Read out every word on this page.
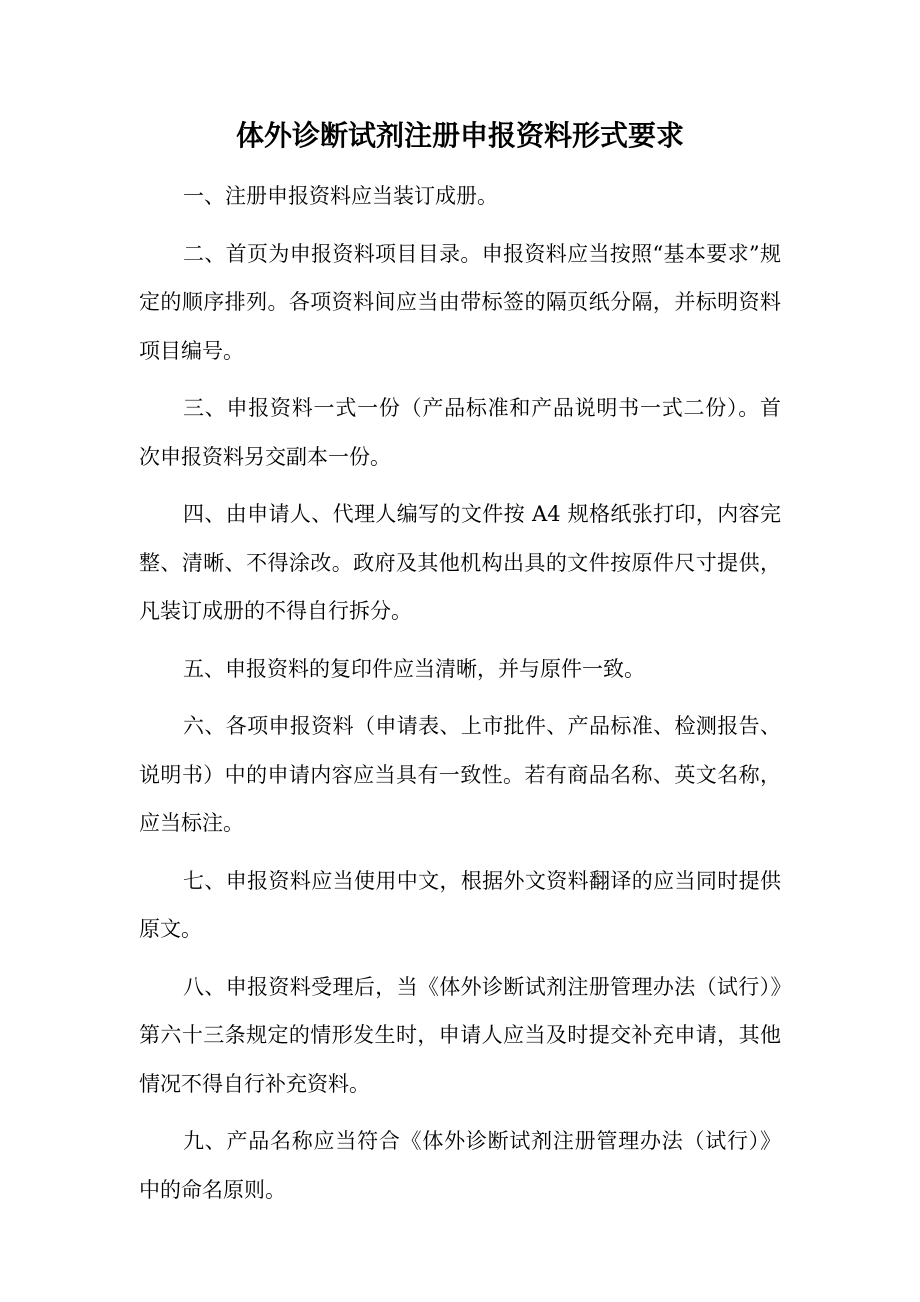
体外诊断试剂注册申报资料形式要求

一、注册申报资料应当装订成册。

二、首页为申报资料项目目录。申报资料应当按照“基本要求”规定的顺序排列。各项资料间应当由带标签的隔页纸分隔，并标明资料项目编号。

三、申报资料一式一份（产品标准和产品说明书一式二份）。首次申报资料另交副本一份。

四、由申请人、代理人编写的文件按 A4 规格纸张打印，内容完整、清晰、不得涂改。政府及其他机构出具的文件按原件尺寸提供，凡装订成册的不得自行拆分。

五、申报资料的复印件应当清晰，并与原件一致。

六、各项申报资料（申请表、上市批件、产品标准、检测报告、说明书）中的申请内容应当具有一致性。若有商品名称、英文名称，应当标注。

七、申报资料应当使用中文，根据外文资料翻译的应当同时提供原文。

八、申报资料受理后，当《体外诊断试剂注册管理办法（试行）》第六十三条规定的情形发生时，申请人应当及时提交补充申请，其他情况不得自行补充资料。

九、产品名称应当符合《体外诊断试剂注册管理办法（试行）》中的命名原则。
